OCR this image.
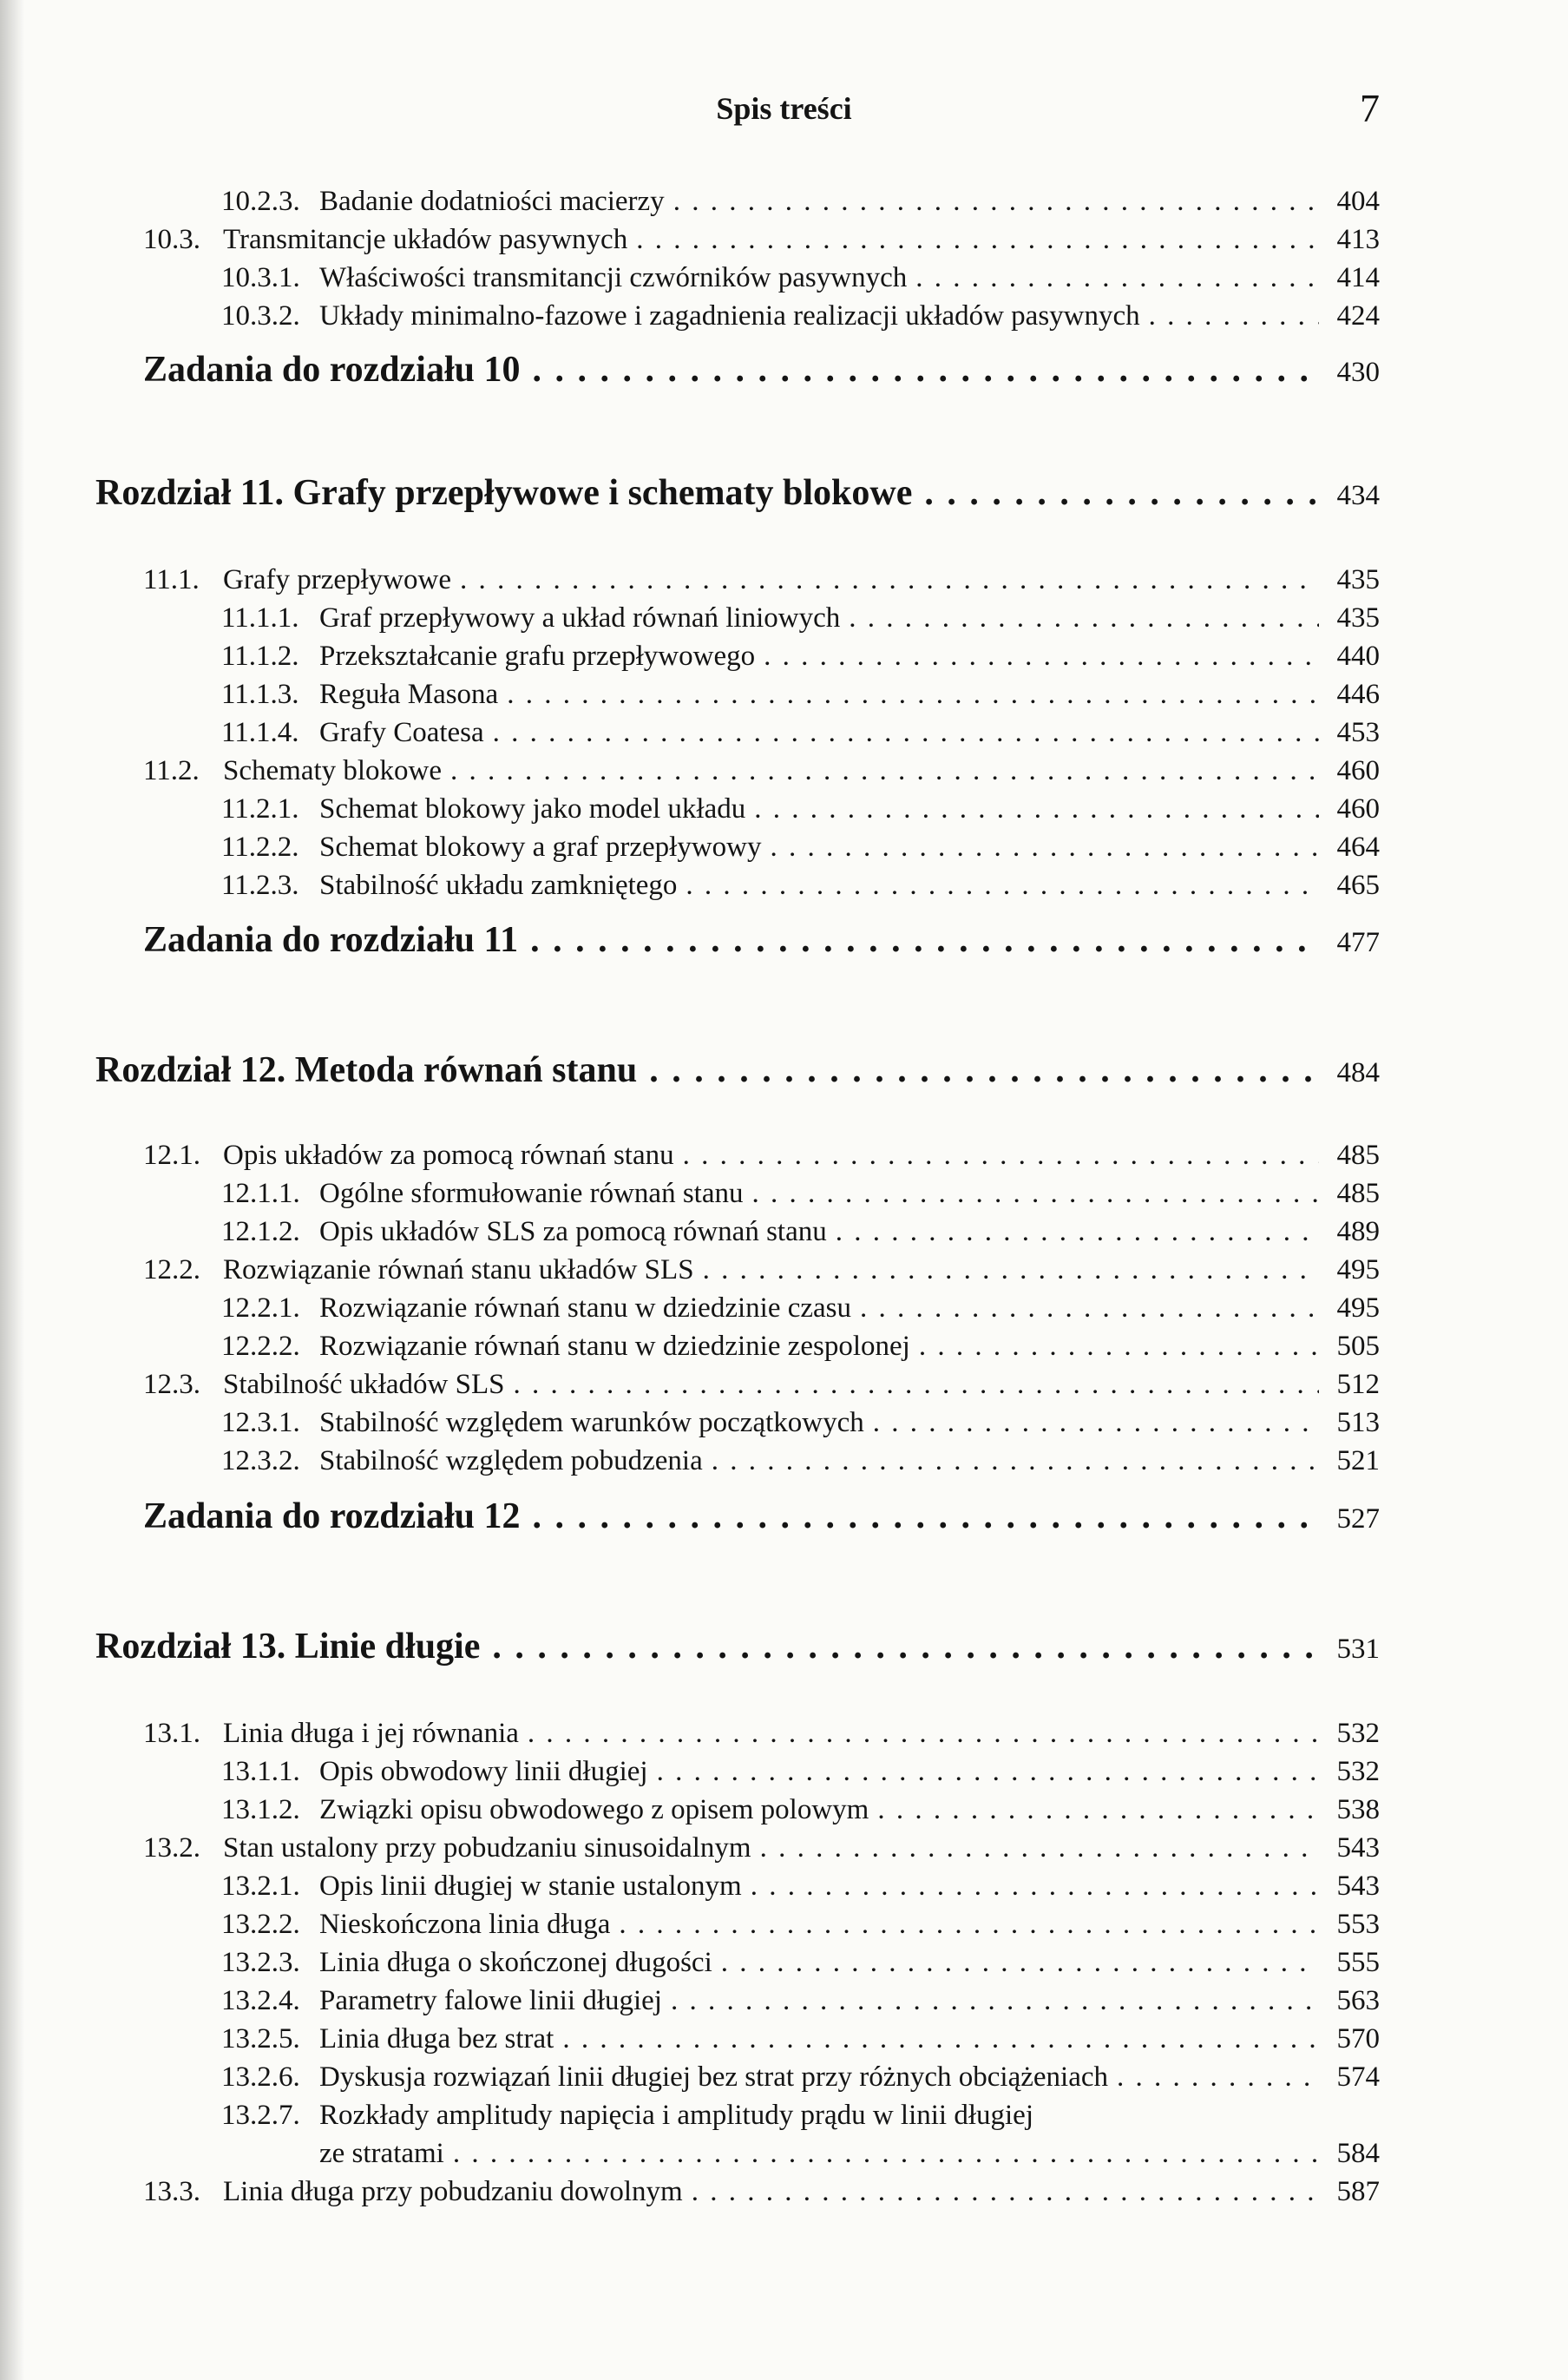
Spis treści	7
10.2.3. Badanie dodatniości macierzy . . .	404
10.3. Transmitancje układów pasywnych . . .	413
10.3.1. Właściwości transmitancji czwórników pasywnych . . .	414
10.3.2. Układy minimalno-fazowe i zagadnienia realizacji układów pasywnych . . .	424
Zadania do rozdziału 10 . . .	430
Rozdział 11. Grafy przepływowe i schematy blokowe . . .	434
11.1. Grafy przepływowe . . .	435
11.1.1. Graf przepływowy a układ równań liniowych . . .	435
11.1.2. Przekształcanie grafu przepływowego . . .	440
11.1.3. Reguła Masona . . .	446
11.1.4. Grafy Coatesa . . .	453
11.2. Schematy blokowe . . .	460
11.2.1. Schemat blokowy jako model układu . . .	460
11.2.2. Schemat blokowy a graf przepływowy . . .	464
11.2.3. Stabilność układu zamkniętego . . .	465
Zadania do rozdziału 11 . . .	477
Rozdział 12. Metoda równań stanu . . .	484
12.1. Opis układów za pomocą równań stanu . . .	485
12.1.1. Ogólne sformułowanie równań stanu . . .	485
12.1.2. Opis układów SLS za pomocą równań stanu . . .	489
12.2. Rozwiązanie równań stanu układów SLS . . .	495
12.2.1. Rozwiązanie równań stanu w dziedzinie czasu . . .	495
12.2.2. Rozwiązanie równań stanu w dziedzinie zespolonej . . .	505
12.3. Stabilność układów SLS . . .	512
12.3.1. Stabilność względem warunków początkowych . . .	513
12.3.2. Stabilność względem pobudzenia . . .	521
Zadania do rozdziału 12 . . .	527
Rozdział 13. Linie długie . . .	531
13.1. Linia długa i jej równania . . .	532
13.1.1. Opis obwodowy linii długiej . . .	532
13.1.2. Związki opisu obwodowego z opisem polowym . . .	538
13.2. Stan ustalony przy pobudzaniu sinusoidalnym . . .	543
13.2.1. Opis linii długiej w stanie ustalonym . . .	543
13.2.2. Nieskończona linia długa . . .	553
13.2.3. Linia długa o skończonej długości . . .	555
13.2.4. Parametry falowe linii długiej . . .	563
13.2.5. Linia długa bez strat . . .	570
13.2.6. Dyskusja rozwiązań linii długiej bez strat przy różnych obciążeniach . . .	574
13.2.7. Rozkłady amplitudy napięcia i amplitudy prądu w linii długiej
ze stratami . . .	584
13.3. Linia długa przy pobudzaniu dowolnym . . .	587
